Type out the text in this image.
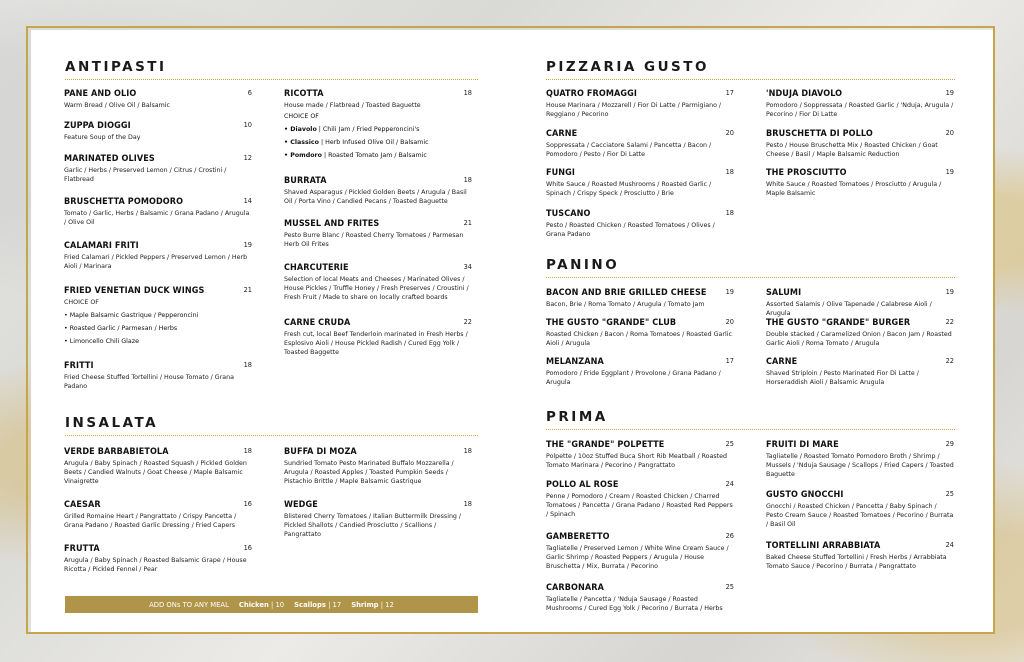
ANTIPASTI
INSALATA
PIZZARIA GUSTO
PANINO
PRIMA
PANE AND OLIO	6
Warm Bread / Olive Oil / Balsamic
ZUPPA DIOGGI	10
Feature Soup of the Day
MARINATED OLIVES	12
Garlic / Herbs / Preserved Lemon / Citrus / Crostini / Flatbread
BRUSCHETTA POMODORO	14
Tomato / Garlic, Herbs / Balsamic / Grana Padano / Arugula / Olive Oil
CALAMARI FRITI	19
Fried Calamari / Pickled Peppers / Preserved Lemon / Herb Aioli / Marinara
FRIED VENETIAN DUCK WINGS	21
CHOICE OF
• Maple Balsamic Gastrique / Pepperoncini
• Roasted Garlic / Parmesan / Herbs
• Limoncello Chili Glaze
FRITTI	18
Fried Cheese Stuffed Tortellini / House Tomato / Grana Padano
RICOTTA	18
House made / Flatbread / Toasted Baguette
CHOICE OF
• Diavolo | Chili Jam / Fried Pepperoncini's
• Classico | Herb Infused Olive Oil / Balsamic
• Pomdoro | Roasted Tomato Jam / Balsamic
BURRATA	18
Shaved Asparagus / Pickled Golden Beets / Arugula / Basil Oil / Porta Vino / Candied Pecans / Toasted Baguette
MUSSEL AND FRITES	21
Pesto Burre Blanc / Roasted Cherry Tomatoes / Parmesan Herb Oil Frites
CHARCUTERIE	34
Selection of local Meats and Cheeses / Marinated Olives / House Pickles / Truffle Honey / Fresh Preserves / Croustini / Fresh Fruit / Made to share on locally crafted boards
CARNE CRUDA	22
Fresh cut, local Beef Tenderloin marinated in Fresh Herbs / Esplosivo Aioli / House Pickled Radish / Cured Egg Yolk / Toasted Baggette
VERDE BARBABIETOLA	18
Arugula / Baby Spinach / Roasted Squash / Pickled Golden Beets / Candied Walnuts / Goat Cheese / Maple Balsamic Vinaigrette
CAESAR	16
Grilled Romaine Heart / Pangrattato / Crispy Pancetta / Grana Padano / Roasted Garlic Dressing / Fried Capers
FRUTTA	16
Arugula / Baby Spinach / Roasted Balsamic Grape / House Ricotta / Pickled Fennel / Pear
BUFFA DI MOZA	18
Sundried Tomato Pesto Marinated Buffalo Mozzarella / Arugula / Roasted Apples / Toasted Pumpkin Seeds / Pistachio Brittle / Maple Balsamic Gastrique
WEDGE	18
Blistered Cherry Tomatoes / Italian Buttermilk Dressing / Pickled Shallots / Candied Prosciutto / Scallions / Pangrattato
QUATRO FROMAGGI	17
House Marinara / Mozzarell / Fior Di Latte / Parmigiano / Reggiano / Pecorino
CARNE	20
Soppressata / Cacciatore Salami / Pancetta / Bacon / Pomodoro / Pesto / Fior Di Latte
FUNGI	18
White Sauce / Roasted Mushrooms / Roasted Garlic / Spinach / Crispy Speck / Prosciutto / Brie
TUSCANO	18
Pesto / Roasted Chicken / Roasted Tomatoes / Olives / Grana Padano
'NDUJA DIAVOLO	19
Pomodoro / Soppressata / Roasted Garlic / 'Nduja, Arugula / Pecorino / Fior Di Latte
BRUSCHETTA DI POLLO	20
Pesto / House Bruschetta Mix / Roasted Chicken / Goat Cheese / Basil / Maple Balsamic Reduction
THE PROSCIUTTO	19
White Sauce / Roasted Tomatoes / Prosciutto / Arugula / Maple Balsamic
BACON AND BRIE GRILLED CHEESE	19
Bacon, Brie / Roma Tomato / Arugula / Tomato Jam
THE GUSTO "GRANDE" CLUB	20
Roasted Chicken / Bacon / Roma Tomatoes / Roasted Garlic Aioli / Arugula
MELANZANA	17
Pomodoro / Fride Eggplant / Provolone / Grana Padano / Arugula
SALUMI	19
Assorted Salamis / Olive Tapenade / Calabrese Aioli / Arugula
THE GUSTO "GRANDE" BURGER	22
Double stacked / Caramelized Onion / Bacon Jam / Roasted Garlic Aioli / Roma Tomato / Arugula
CARNE	22
Shaved Striploin / Pesto Marinated Fior Di Latte / Horseraddish Aioli / Balsamic Arugula
THE "GRANDE" POLPETTE	25
Polpette / 10oz Stuffed Buca Short Rib Meatball / Roasted Tomato Marinara / Pecorino / Pangrattato
POLLO AL ROSE	24
Penne / Pomodoro / Cream / Roasted Chicken / Charred Tomatoes / Pancetta / Grana Padano / Roasted Red Peppers / Spinach
GAMBERETTO	26
Tagliatelle / Preserved Lemon / White Wine Cream Sauce / Garlic Shrimp / Roasted Peppers / Arugula / House Bruschetta / Mix, Burrata / Pecorino
CARBONARA	25
Tagliatelle / Pancetta / 'Nduja Sausage / Roasted Mushrooms / Cured Egg Yolk / Pecorino / Burrata / Herbs
FRUITI DI MARE	29
Tagliatelle / Roasted Tomato Pomodoro Broth / Shrimp / Mussels / 'Nduja Sausage / Scallops / Fried Capers / Toasted Baguette
GUSTO GNOCCHI	25
Gnocchi / Roasted Chicken / Pancetta / Baby Spinach / Pesto Cream Sauce / Roasted Tomatoes / Pecorino / Burrata / Basil Oil
TORTELLINI ARRABBIATA	24
Baked Cheese Stuffed Tortellini / Fresh Herbs / Arrabbiata Tomato Sauce / Pecorino / Burrata / Pangrattato
ADD ONs TO ANY MEAL Chicken | 10 Scallops | 17 Shrimp | 12
